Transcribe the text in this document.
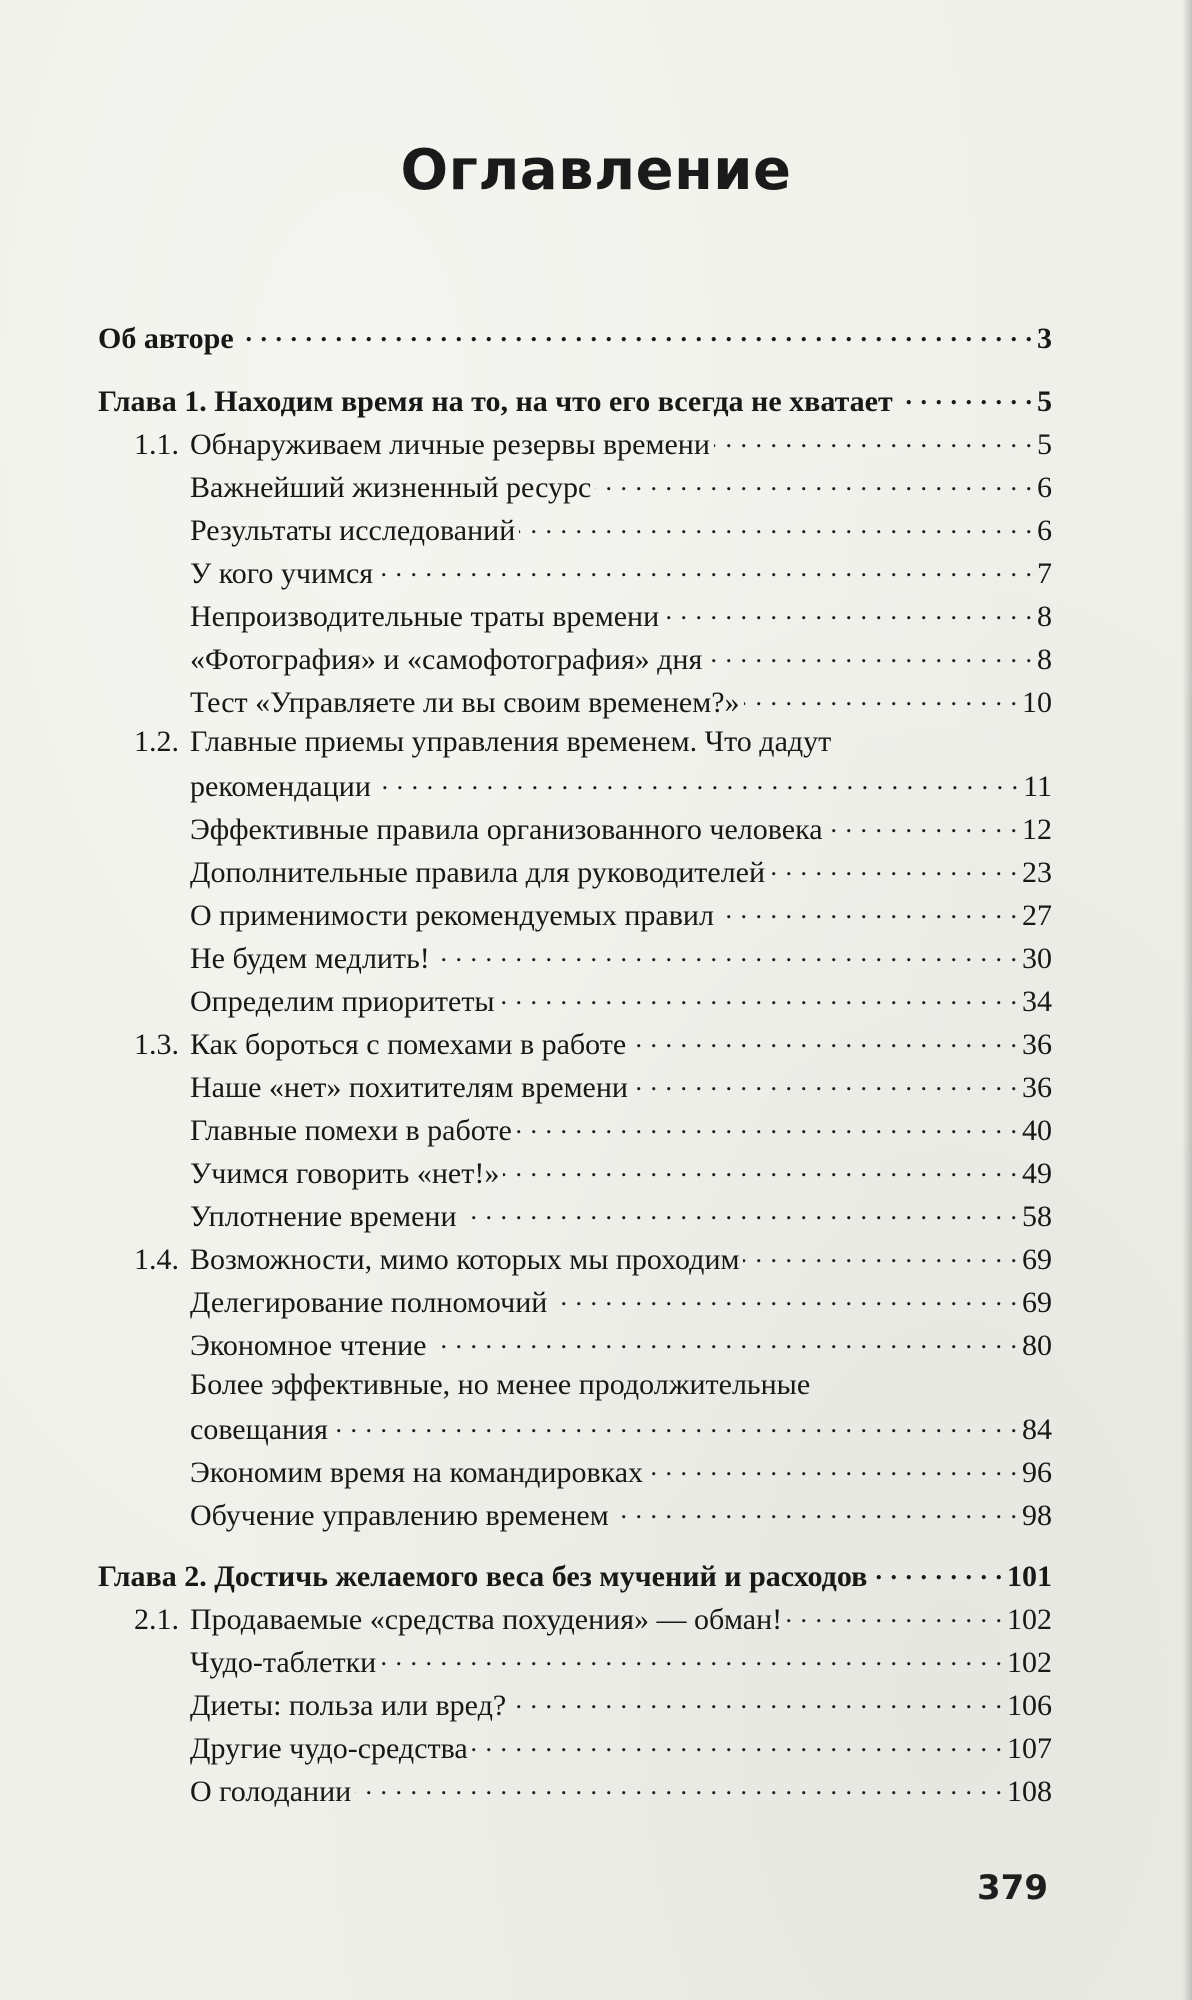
Оглавление
Об авторе . . .	3
Глава 1. Находим время на то, на что его всегда не хватает . . .	5
1.1. Обнаруживаем личные резервы времени . . .	5
Важнейший жизненный ресурс . . .	6
Результаты исследований . . .	6
У кого учимся . . .	7
Непроизводительные траты времени . . .	8
«Фотография» и «самофотография» дня . . .	8
Тест «Управляете ли вы своим временем?» . . .	10
1.2. Главные приемы управления временем. Что дадут
рекомендации . . .	11
Эффективные правила организованного человека . . .	12
Дополнительные правила для руководителей . . .	23
О применимости рекомендуемых правил . . .	27
Не будем медлить! . . .	30
Определим приоритеты . . .	34
1.3. Как бороться с помехами в работе . . .	36
Наше «нет» похитителям времени . . .	36
Главные помехи в работе . . .	40
Учимся говорить «нет!» . . .	49
Уплотнение времени . . .	58
1.4. Возможности, мимо которых мы проходим . . .	69
Делегирование полномочий . . .	69
Экономное чтение . . .	80
Более эффективные, но менее продолжительные
совещания . . .	84
Экономим время на командировках . . .	96
Обучение управлению временем . . .	98
Глава 2. Достичь желаемого веса без мучений и расходов . . .	101
2.1. Продаваемые «средства похудения» — обман! . . .	102
Чудо-таблетки . . .	102
Диеты: польза или вред? . . .	106
Другие чудо-средства . . .	107
О голодании . . .	108
379
